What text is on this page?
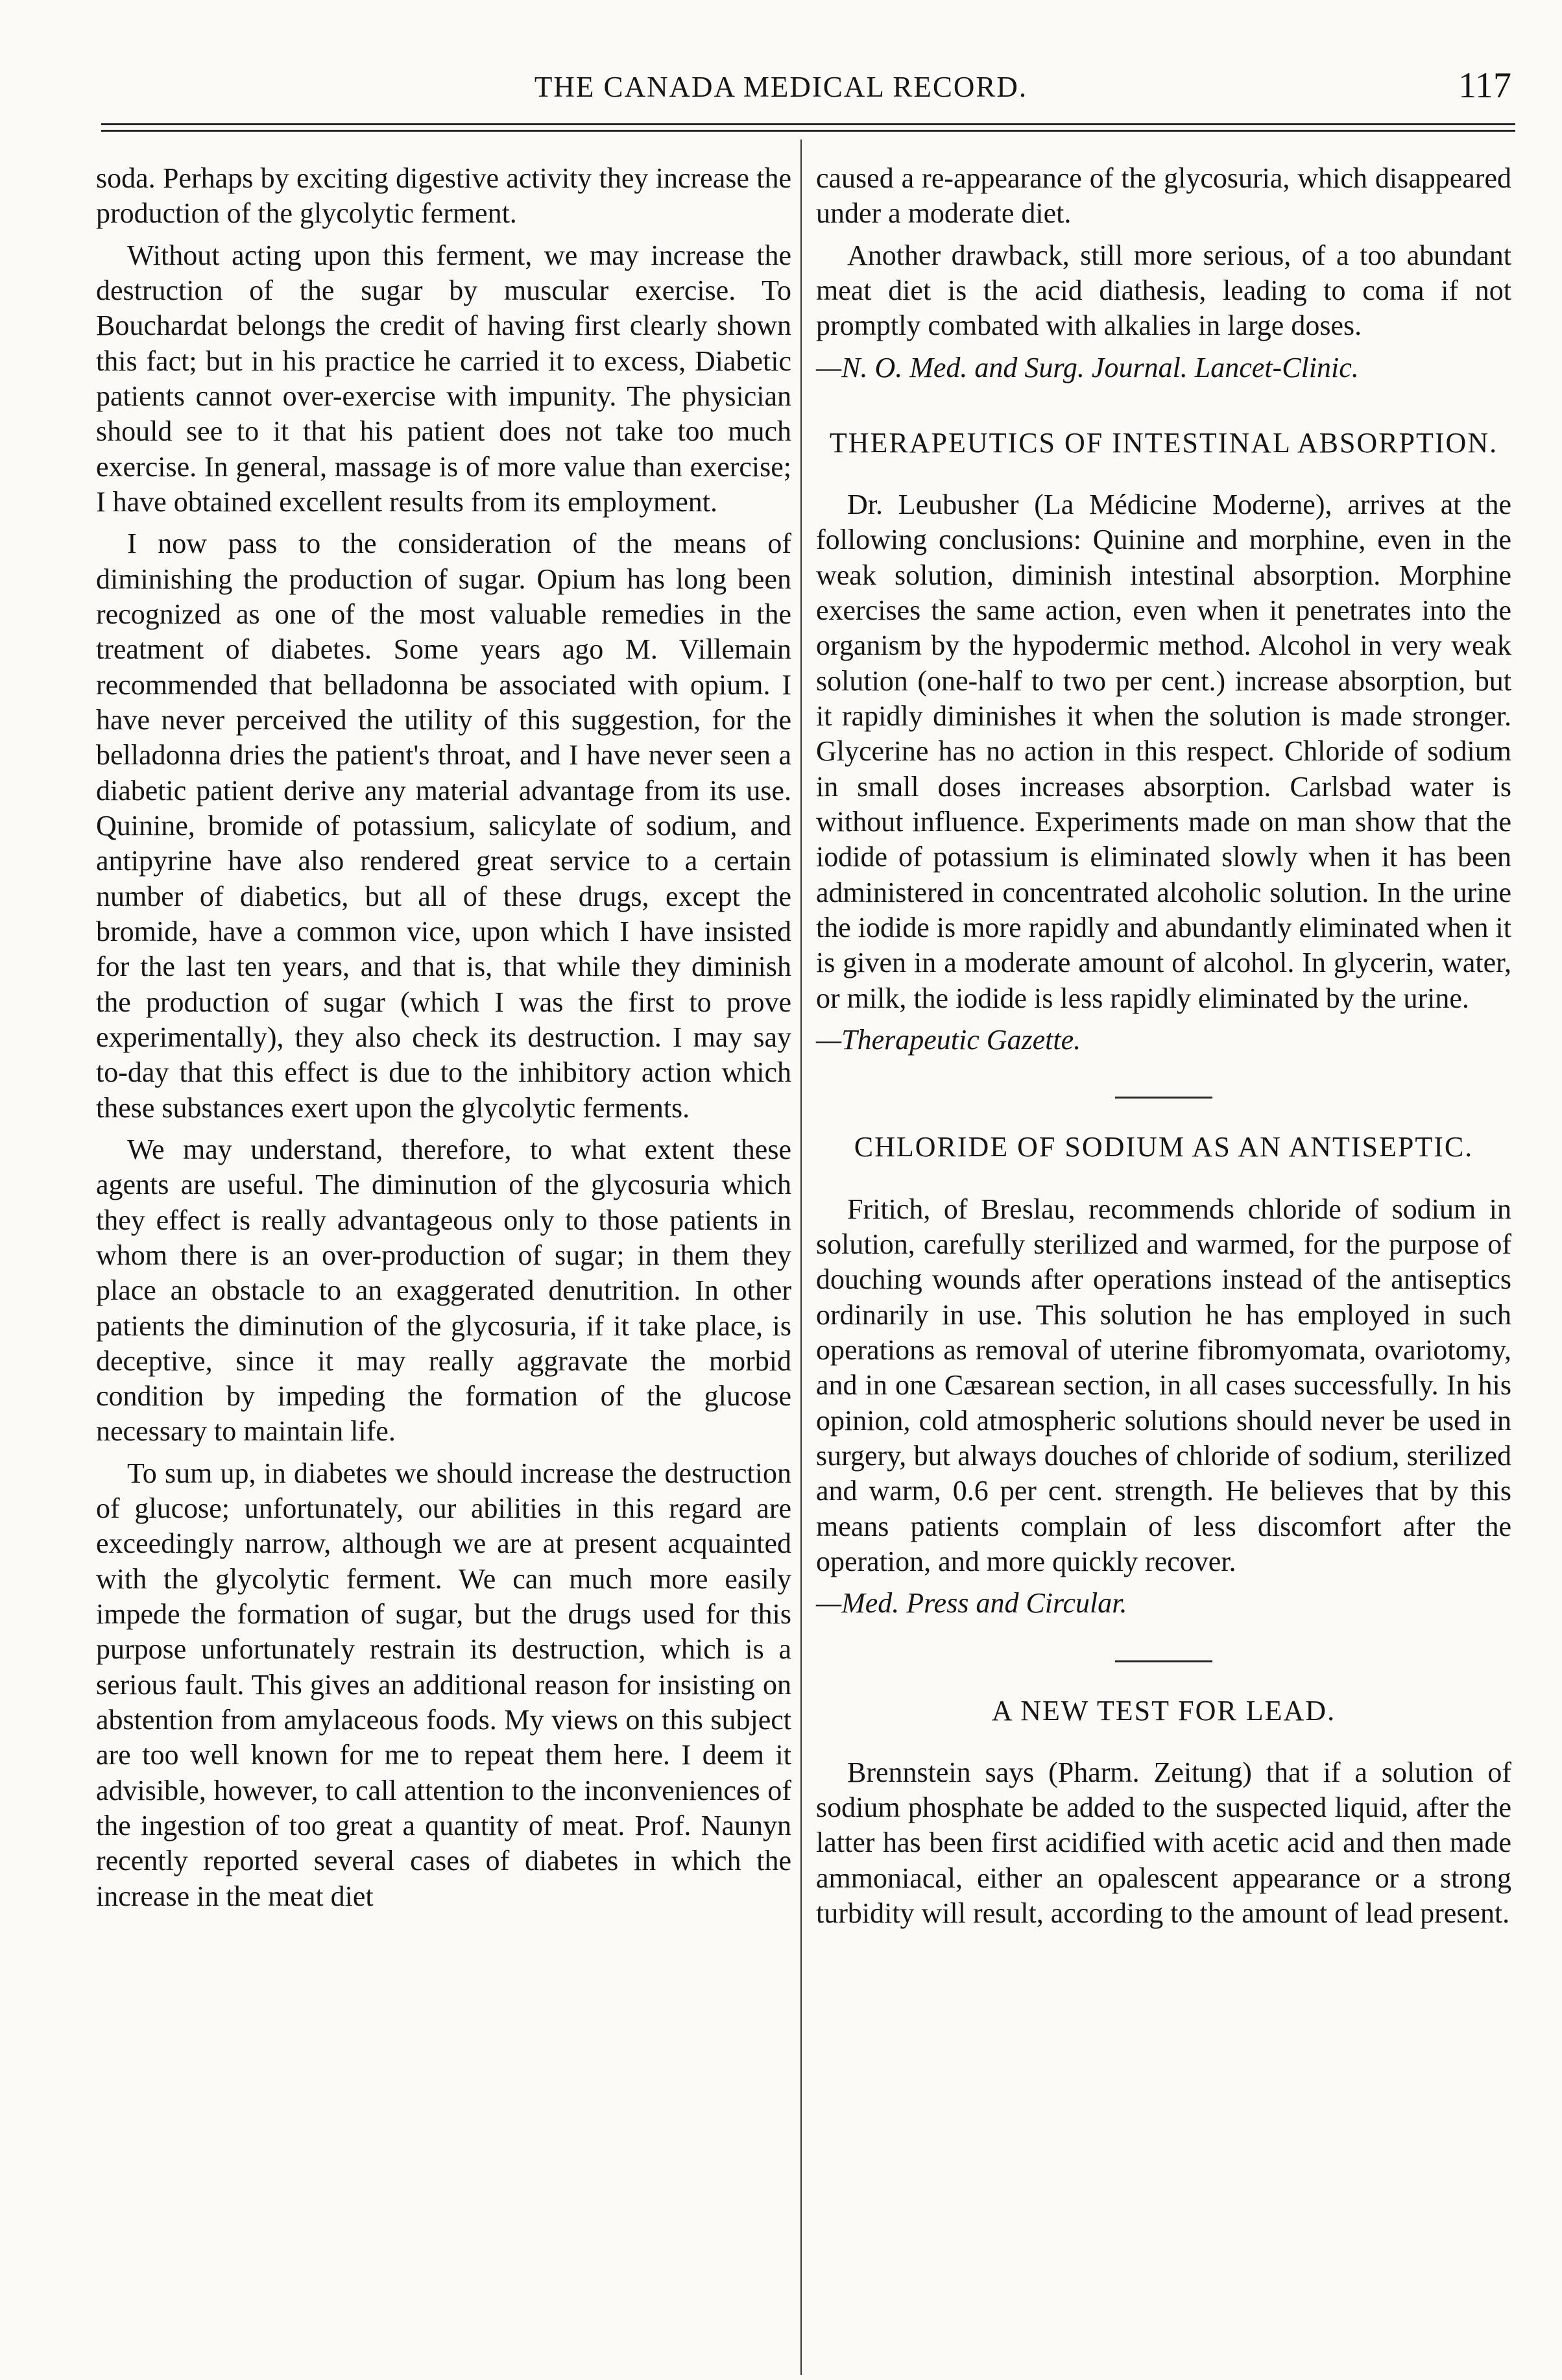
THE CANADA MEDICAL RECORD.	117

soda. Perhaps by exciting digestive activity they increase the production of the glycolytic ferment.

Without acting upon this ferment, we may increase the destruction of the sugar by muscular exercise. To Bouchardat belongs the credit of having first clearly shown this fact; but in his practice he carried it to excess, Diabetic patients cannot over-exercise with impunity. The physician should see to it that his patient does not take too much exercise. In general, massage is of more value than exercise; I have obtained excellent results from its employment.

I now pass to the consideration of the means of diminishing the production of sugar. Opium has long been recognized as one of the most valuable remedies in the treatment of diabetes. Some years ago M. Villemain recommended that belladonna be associated with opium. I have never perceived the utility of this suggestion, for the belladonna dries the patient's throat, and I have never seen a diabetic patient derive any material advantage from its use. Quinine, bromide of potassium, salicylate of sodium, and antipyrine have also rendered great service to a certain number of diabetics, but all of these drugs, except the bromide, have a common vice, upon which I have insisted for the last ten years, and that is, that while they diminish the production of sugar (which I was the first to prove experimentally), they also check its destruction. I may say to-day that this effect is due to the inhibitory action which these substances exert upon the glycolytic ferments.

We may understand, therefore, to what extent these agents are useful. The diminution of the glycosuria which they effect is really advantageous only to those patients in whom there is an over-production of sugar; in them they place an obstacle to an exaggerated denutrition. In other patients the diminution of the glycosuria, if it take place, is deceptive, since it may really aggravate the morbid condition by impeding the formation of the glucose necessary to maintain life.

To sum up, in diabetes we should increase the destruction of glucose; unfortunately, our abilities in this regard are exceedingly narrow, although we are at present acquainted with the glycolytic ferment. We can much more easily impede the formation of sugar, but the drugs used for this purpose unfortunately restrain its destruction, which is a serious fault. This gives an additional reason for insisting on abstention from amylaceous foods. My views on this subject are too well known for me to repeat them here. I deem it advisible, however, to call attention to the inconveniences of the ingestion of too great a quantity of meat. Prof. Naunyn recently reported several cases of diabetes in which the increase in the meat diet

caused a re-appearance of the glycosuria, which disappeared under a moderate diet.

Another drawback, still more serious, of a too abundant meat diet is the acid diathesis, leading to coma if not promptly combated with alkalies in large doses.

—N. O. Med. and Surg. Journal. Lancet-Clinic.

THERAPEUTICS OF INTESTINAL ABSORPTION.

Dr. Leubusher (La Médicine Moderne), arrives at the following conclusions: Quinine and morphine, even in the weak solution, diminish intestinal absorption. Morphine exercises the same action, even when it penetrates into the organism by the hypodermic method. Alcohol in very weak solution (one-half to two per cent.) increase absorption, but it rapidly diminishes it when the solution is made stronger. Glycerine has no action in this respect. Chloride of sodium in small doses increases absorption. Carlsbad water is without influence. Experiments made on man show that the iodide of potassium is eliminated slowly when it has been administered in concentrated alcoholic solution. In the urine the iodide is more rapidly and abundantly eliminated when it is given in a moderate amount of alcohol. In glycerin, water, or milk, the iodide is less rapidly eliminated by the urine.

—Therapeutic Gazette.

CHLORIDE OF SODIUM AS AN ANTISEPTIC.

Fritich, of Breslau, recommends chloride of sodium in solution, carefully sterilized and warmed, for the purpose of douching wounds after operations instead of the antiseptics ordinarily in use. This solution he has employed in such operations as removal of uterine fibromyomata, ovariotomy, and in one Cæsarean section, in all cases successfully. In his opinion, cold atmospheric solutions should never be used in surgery, but always douches of chloride of sodium, sterilized and warm, 0.6 per cent. strength. He believes that by this means patients complain of less discomfort after the operation, and more quickly recover.

—Med. Press and Circular.

A NEW TEST FOR LEAD.

Brennstein says (Pharm. Zeitung) that if a solution of sodium phosphate be added to the suspected liquid, after the latter has been first acidified with acetic acid and then made ammoniacal, either an opalescent appearance or a strong turbidity will result, according to the amount of lead present.
